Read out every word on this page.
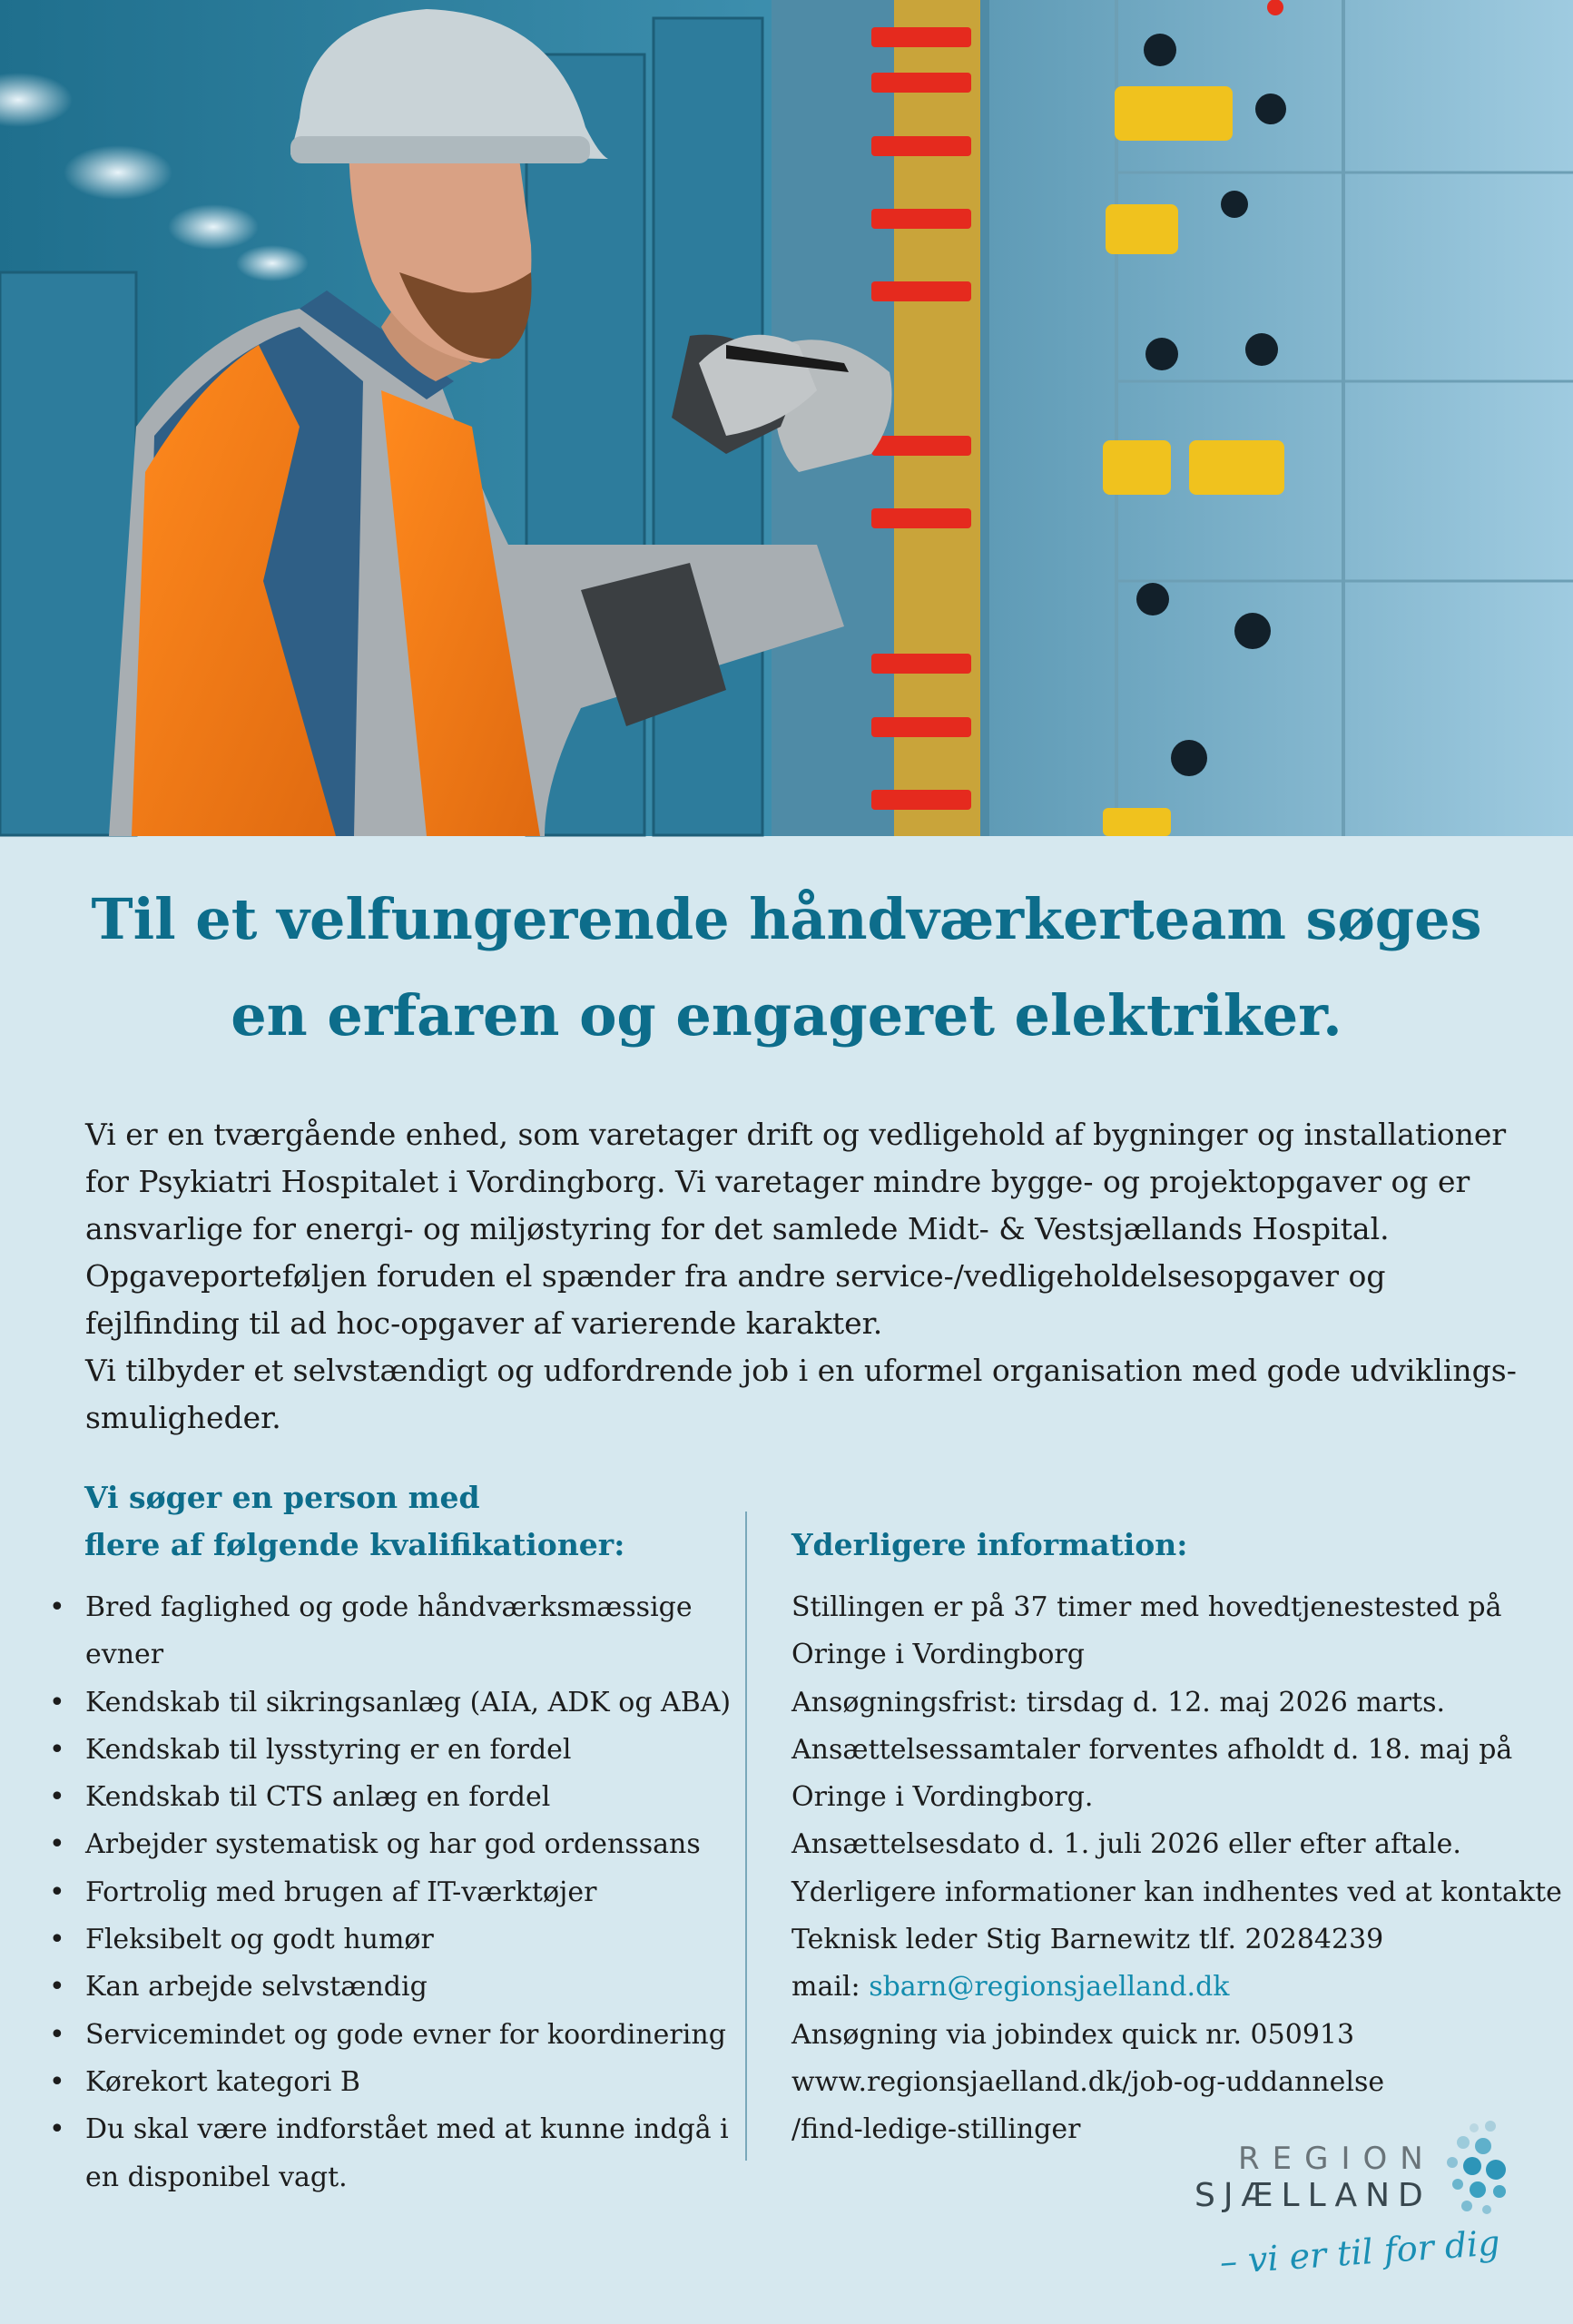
Til et velfungerende håndværkerteam søges
en erfaren og engageret elektriker.

Vi er en tværgående enhed, som varetager drift og vedligehold af bygninger og installationer for Psykiatri Hospitalet i Vordingborg. Vi varetager mindre bygge- og projektopgaver og er ansvarlige for energi- og miljøstyring for det samlede Midt- & Vestsjællands Hospital. Opgaveporteføljen foruden el spænder fra andre service-/vedligeholdelsesopgaver og fejlfinding til ad hoc-opgaver af varierende karakter.

Vi tilbyder et selvstændigt og udfordrende job i en uformel organisation med gode udviklings-smuligheder.

Vi søger en person med
flere af følgende kvalifikationer:
• Bred faglighed og gode håndværksmæssige evner
• Kendskab til sikringsanlæg (AIA, ADK og ABA)
• Kendskab til lysstyring er en fordel
• Kendskab til CTS anlæg en fordel
• Arbejder systematisk og har god ordenssans
• Fortrolig med brugen af IT-værktøjer
• Fleksibelt og godt humør
• Kan arbejde selvstændig
• Servicemindet og gode evner for koordinering
• Kørekort kategori B
• Du skal være indforstået med at kunne indgå i en disponibel vagt.
Yderligere information:
Stillingen er på 37 timer med hovedtjenestested på
Oringe i Vordingborg
Ansøgningsfrist: tirsdag d. 12. maj 2026 marts.
Ansættelsessamtaler forventes afholdt d. 18. maj på
Oringe i Vordingborg.
Ansættelsesdato d. 1. juli 2026 eller efter aftale.
Yderligere informationer kan indhentes ved at kontakte
Teknisk leder Stig Barnewitz tlf. 20284239
mail: sbarn@regionsjaelland.dk
Ansøgning via jobindex quick nr. 050913
www.regionsjaelland.dk/job-og-uddannelse
/find-ledige-stillinger
REGION
SJÆLLAND
– vi er til for dig
